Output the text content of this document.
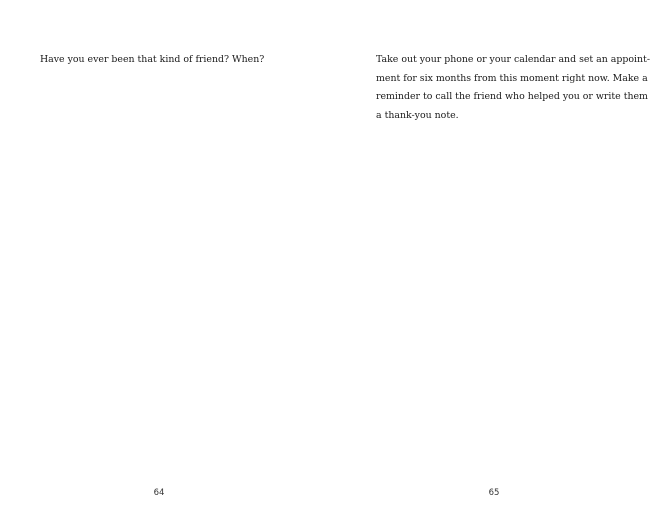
Have you ever been that kind of friend? When?

64

Take out your phone or your calendar and set an appoint-
ment for six months from this moment right now. Make a
reminder to call the friend who helped you or write them
a thank-you note.

65
